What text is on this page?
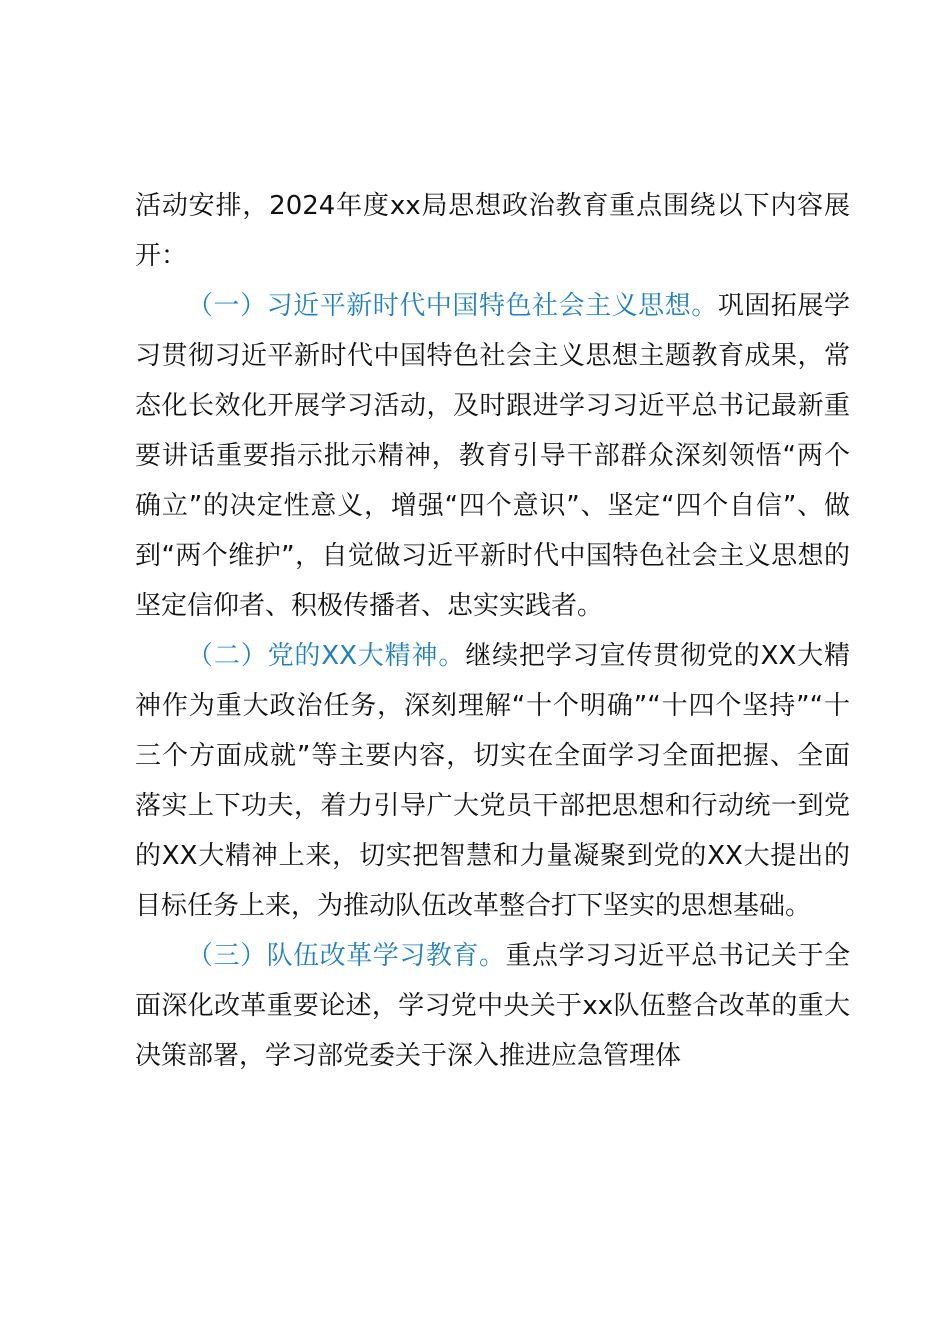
活动安排，2024年度xx局思想政治教育重点围绕以下内容展开：

（一）习近平新时代中国特色社会主义思想。巩固拓展学习贯彻习近平新时代中国特色社会主义思想主题教育成果，常态化长效化开展学习活动，及时跟进学习习近平总书记最新重要讲话重要指示批示精神，教育引导干部群众深刻领悟“两个确立”的决定性意义，增强“四个意识”、坚定“四个自信”、做到“两个维护”，自觉做习近平新时代中国特色社会主义思想的坚定信仰者、积极传播者、忠实实践者。

（二）党的XX大精神。继续把学习宣传贯彻党的XX大精神作为重大政治任务，深刻理解“十个明确”“十四个坚持”“十三个方面成就”等主要内容，切实在全面学习全面把握、全面落实上下功夫，着力引导广大党员干部把思想和行动统一到党的XX大精神上来，切实把智慧和力量凝聚到党的XX大提出的目标任务上来，为推动队伍改革整合打下坚实的思想基础。

（三）队伍改革学习教育。重点学习习近平总书记关于全面深化改革重要论述，学习党中央关于xx队伍整合改革的重大决策部署，学习部党委关于深入推进应急管理体
